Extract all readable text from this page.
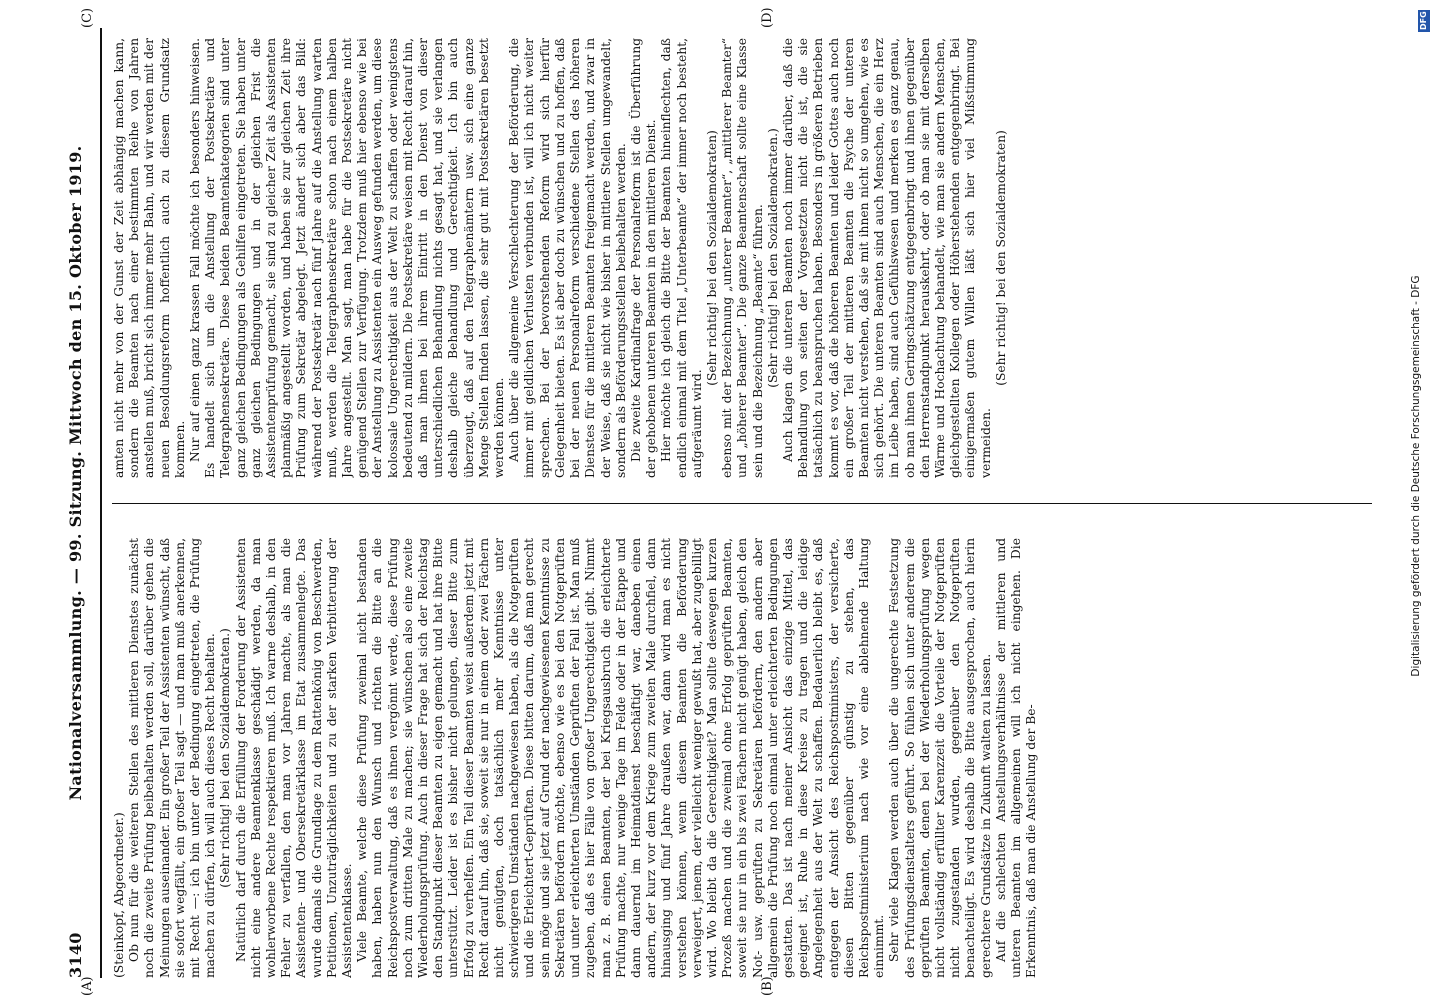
3140
Nationalversammlung. — 99. Sitzung. Mittwoch den 15. Oktober 1919.

(Steinkopf, Abgeordneter.) Ob nun für die weiteren Stellen des mittleren Dienstes zunächst noch die zweite Prüfung beibehalten werden soll, darüber gehen die Meinungen auseinander. Ein großer Teil der Assistenten wünscht, daß sie sofort wegfällt, ein großer Teil sagt — und man muß anerkennen, mit Recht —: ich bin unter der Bedingung eingetreten, die Prüfung machen zu dürfen, ich will auch dieses Recht behalten. (Sehr richtig! bei den Sozialdemokraten.) Natürlich darf durch die Erfüllung der Forderung der Assistenten nicht eine andere Beamtenklasse geschädigt werden, da man wohlerworbene Rechte respektieren muß. Ich warne deshalb, in den Fehler zu verfallen, den man vor Jahren machte, als man die Assistenten- und Obersekretärklasse im Etat zusammenlegte. Das wurde damals die Grundlage zu dem Rattenkönig von Beschwerden, Petitionen, Unzuträglichkeiten und zu der starken Verbitterung der Assistentenklasse. Viele Beamte, welche diese Prüfung zweimal nicht bestanden haben, haben nun den Wunsch und richten die Bitte an die Reichspostverwaltung, daß es ihnen vergönnt werde, diese Prüfung noch zum dritten Male zu machen; sie wünschen also eine zweite Wiederholungsprüfung. Auch in dieser Frage hat sich der Reichstag den Standpunkt dieser Beamten zu eigen gemacht und hat ihre Bitte unterstützt. Leider ist es bisher nicht gelungen, dieser Bitte zum Erfolg zu verhelfen. Ein Teil dieser Beamten weist außerdem jetzt mit Recht darauf hin, daß sie, soweit sie nur in einem oder zwei Fächern nicht genügten, doch tatsächlich mehr Kenntnisse unter schwierigeren Umständen nachgewiesen haben, als die Notgeprüften und die Erleichtert-Geprüften. Diese bitten darum, daß man gerecht sein möge und sie jetzt auf Grund der nachgewiesenen Kenntnisse zu Sekretären befördern möchte, ebenso wie es bei den Notgeprüften und unter erleichterten Umständen Geprüften der Fall ist. Man muß zugeben, daß es hier Fälle von großer Ungerechtigkeit gibt. Nimmt man z. B. einen Beamten, der bei Kriegsausbruch die erleichterte Prüfung machte, nur wenige Tage im Felde oder in der Etappe und dann dauernd im Heimatdienst beschäftigt war, daneben einen andern, der kurz vor dem Kriege zum zweiten Male durchfiel, dann hinausging und fünf Jahre draußen war, dann wird man es nicht verstehen können, wenn diesem Beamten die Beförderung verweigert, jenem, der vielleicht weniger gewußt hat, aber zugebilligt wird. Wo bleibt da die Gerechtigkeit? Man sollte deswegen kurzen Prozeß machen und die zweimal ohne Erfolg geprüften Beamten, soweit sie nur in ein bis zwei Fächern nicht genügt haben, gleich den Not- usw. geprüften zu Sekretären befördern, den andern aber allgemein die Prüfung noch einmal unter erleichterten Bedingungen gestatten. Das ist nach meiner Ansicht das einzige Mittel, das geeignet ist, Ruhe in diese Kreise zu tragen und die leidige Angelegenheit aus der Welt zu schaffen. Bedauerlich bleibt es, daß entgegen der Ansicht des Reichspostministers, der versicherte, diesen Bitten gegenüber günstig zu stehen, das Reichspostministerium nach wie vor eine ablehnende Haltung einnimmt. Sehr viele Klagen werden auch über die ungerechte Festsetzung des Prüfungsdienstalters geführt. So fühlen sich unter anderem die geprüften Beamten, denen bei der Wiederholungsprüfung wegen nicht vollständig erfüllter Karenzzeit die Vorteile der Notgeprüften nicht zugestanden wurden, gegenüber den Notgeprüften benachteiligt. Es wird deshalb die Bitte ausgesprochen, auch hierin gerechtere Grundsätze in Zukunft walten zu lassen. Auf die schlechten Anstellungsverhältnisse der mittleren und unteren Beamten im allgemeinen will ich nicht eingehen. Die Erkenntnis, daß man die Anstellung der Be-

amten nicht mehr von der Gunst der Zeit abhängig machen kann, sondern die Beamten nach einer bestimmten Reihe von Jahren anstellen muß, bricht sich immer mehr Bahn, und wir werden mit der neuen Besoldungsreform hoffentlich auch zu diesem Grundsatz kommen. Nur auf einen ganz krassen Fall möchte ich besonders hinweisen. Es handelt sich um die Anstellung der Postsekretäre und Telegraphensekretäre. Diese beiden Beamtenkategorien sind unter ganz gleichen Bedingungen als Gehilfen eingetreten. Sie haben unter ganz gleichen Bedingungen und in der gleichen Frist die Assistentenprüfung gemacht, sie sind zu gleicher Zeit als Assistenten planmäßig angestellt worden, und haben sie zur gleichen Zeit ihre Prüfung zum Sekretär abgelegt. Jetzt ändert sich aber das Bild: während der Postsekretär nach fünf Jahre auf die Anstellung warten muß, werden die Telegraphensekretäre schon nach einem halben Jahre angestellt. Man sagt, man habe für die Postsekretäre nicht genügend Stellen zur Verfügung. Trotzdem muß hier ebenso wie bei der Anstellung zu Assistenten ein Ausweg gefunden werden, um diese kolossale Ungerechtigkeit aus der Welt zu schaffen oder wenigstens bedeutend zu mildern. Die Postsekretäre weisen mit Recht darauf hin, daß man ihnen bei ihrem Eintritt in den Dienst von dieser unterschiedlichen Behandlung nichts gesagt hat, und sie verlangen deshalb gleiche Behandlung und Gerechtigkeit. Ich bin auch überzeugt, daß auf den Telegraphenämtern usw. sich eine ganze Menge Stellen finden lassen, die sehr gut mit Postsekretären besetzt werden können. Auch über die allgemeine Verschlechterung der Beförderung, die immer mit geldlichen Verlusten verbunden ist, will ich nicht weiter sprechen. Bei der bevorstehenden Reform wird sich hierfür Gelegenheit bieten. Es ist aber doch zu wünschen und zu hoffen, daß bei der neuen Personalreform verschiedene Stellen des höheren Dienstes für die mittleren Beamten freigemacht werden, und zwar in der Weise, daß sie nicht wie bisher in mittlere Stellen umgewandelt, sondern als Beförderungsstellen beibehalten werden. Die zweite Kardinalfrage der Personalreform ist die Überführung der gehobenen unteren Beamten in den mittleren Dienst. Hier möchte ich gleich die Bitte der Beamten hineinflechten, daß endlich einmal mit dem Titel „Unterbeamte“ der immer noch besteht, aufgeräumt wird.

(Sehr richtig! bei den Sozialdemokraten) ebenso mit der Bezeichnung „unterer Beamter“, „mittlerer Beamter“ und „höherer Beamter“. Die ganze Beamtenschaft sollte eine Klasse sein und die Bezeichnung „Beamte“ führen. (Sehr richtig! bei den Sozialdemokraten.) Auch klagen die unteren Beamten noch immer darüber, daß die Behandlung von seiten der Vorgesetzten nicht die ist, die sie tatsächlich zu beanspruchen haben. Besonders in größeren Betrieben kommt es vor, daß die höheren Beamten und leider Gottes auch noch ein großer Teil der mittleren Beamten die Psyche der unteren Beamten nicht verstehen, daß sie mit ihnen nicht so umgehen, wie es sich gehört. Die unteren Beamten sind auch Menschen, die ein Herz im Leibe haben, sind auch Gefühlswesen und merken es ganz genau, ob man ihnen Geringschätzung entgegenbringt und ihnen gegenüber den Herrenstandpunkt herauskehrt, oder ob man sie mit derselben Wärme und Hochachtung behandelt, wie man sie andern Menschen, gleichgestellten Kollegen oder Höherstehenden entgegenbringt. Bei einigermaßen gutem Willen läßt sich hier viel Mißstimmung vermeiden.

(Sehr richtig! bei den Sozialdemokraten)

(A)	(B)
(C)	(D)	DFG
Digitalisierung gefördert durch die Deutsche Forschungsgemeinschaft - DFG
